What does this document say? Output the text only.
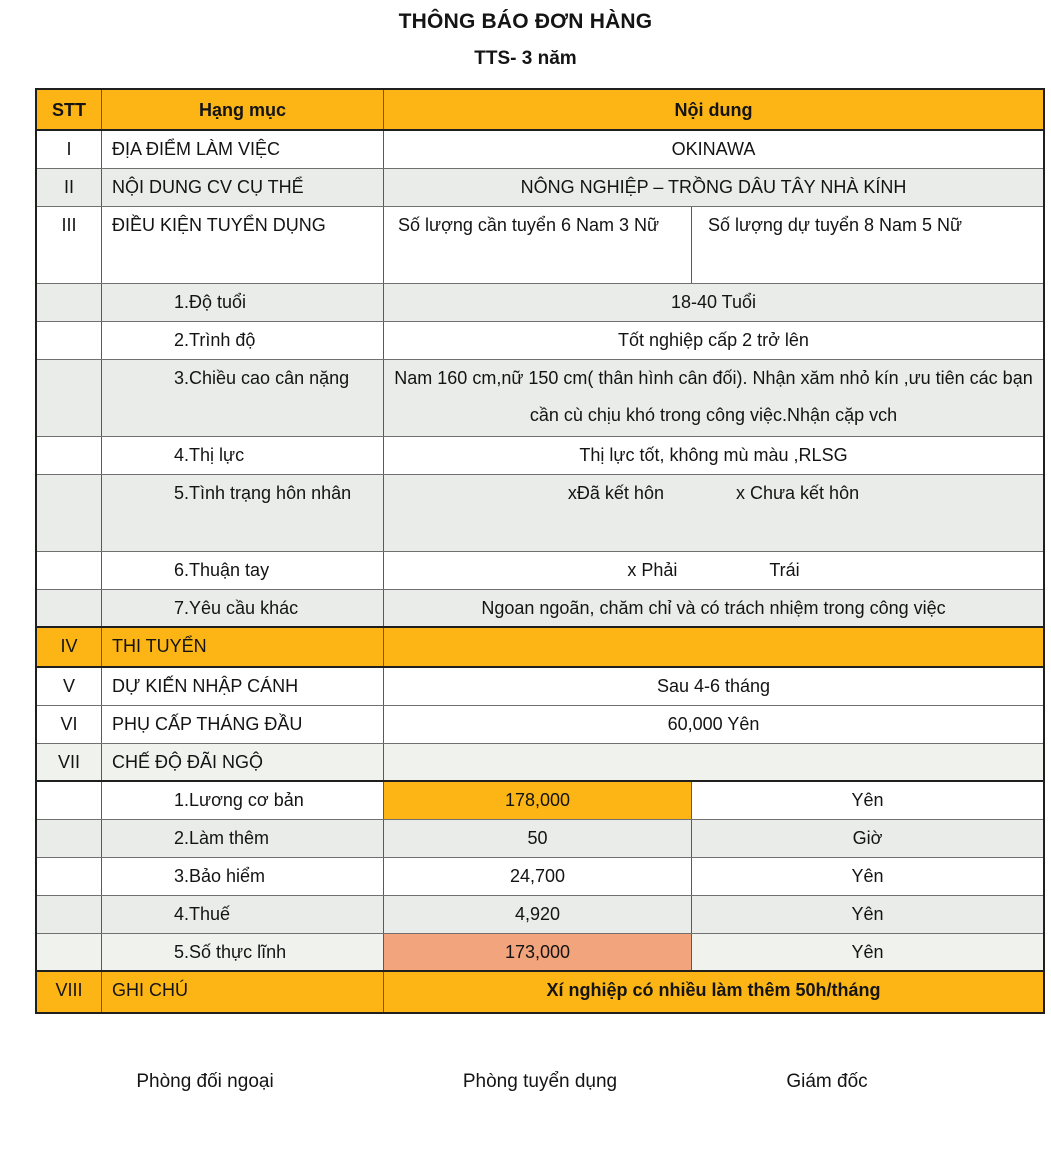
THÔNG BÁO ĐƠN HÀNG
TTS- 3 năm
STT	Hạng mục	Nội dung
I	ĐỊA ĐIỂM LÀM VIỆC	OKINAWA
II	NỘI DUNG CV CỤ THỂ	NÔNG NGHIỆP – TRỒNG DÂU TÂY NHÀ KÍNH
III	ĐIỀU KIỆN TUYỂN DỤNG	Số lượng cần tuyển 6 Nam 3 Nữ	Số lượng dự tuyển 8 Nam 5 Nữ
1.Độ tuổi	18-40 Tuổi
2.Trình độ	Tốt nghiệp cấp 2 trở lên
3.Chiều cao cân nặng	Nam 160 cm,nữ 150 cm( thân hình cân đối). Nhận xăm nhỏ kín ,ưu tiên các bạn cần cù chịu khó trong công việc.Nhận cặp vch
4.Thị lực	Thị lực tốt, không mù màu ,RLSG
5.Tình trạng hôn nhân	xĐã kết hôn	x Chưa kết hôn
6.Thuận tay	x Phải	Trái
7.Yêu cầu khác	Ngoan ngoãn, chăm chỉ và có trách nhiệm trong công việc
IV	THI TUYỂN
V	DỰ KIẾN NHẬP CÁNH	Sau 4-6 tháng
VI	PHỤ CẤP THÁNG ĐẦU	60,000 Yên
VII	CHẾ ĐỘ ĐÃI NGỘ
1.Lương cơ bản	178,000	Yên
2.Làm thêm	50	Giờ
3.Bảo hiểm	24,700	Yên
4.Thuế	4,920	Yên
5.Số thực lĩnh	173,000	Yên
VIII	GHI CHÚ	Xí nghiệp có nhiều làm thêm 50h/tháng
Phòng đối ngoại	Phòng tuyển dụng	Giám đốc
